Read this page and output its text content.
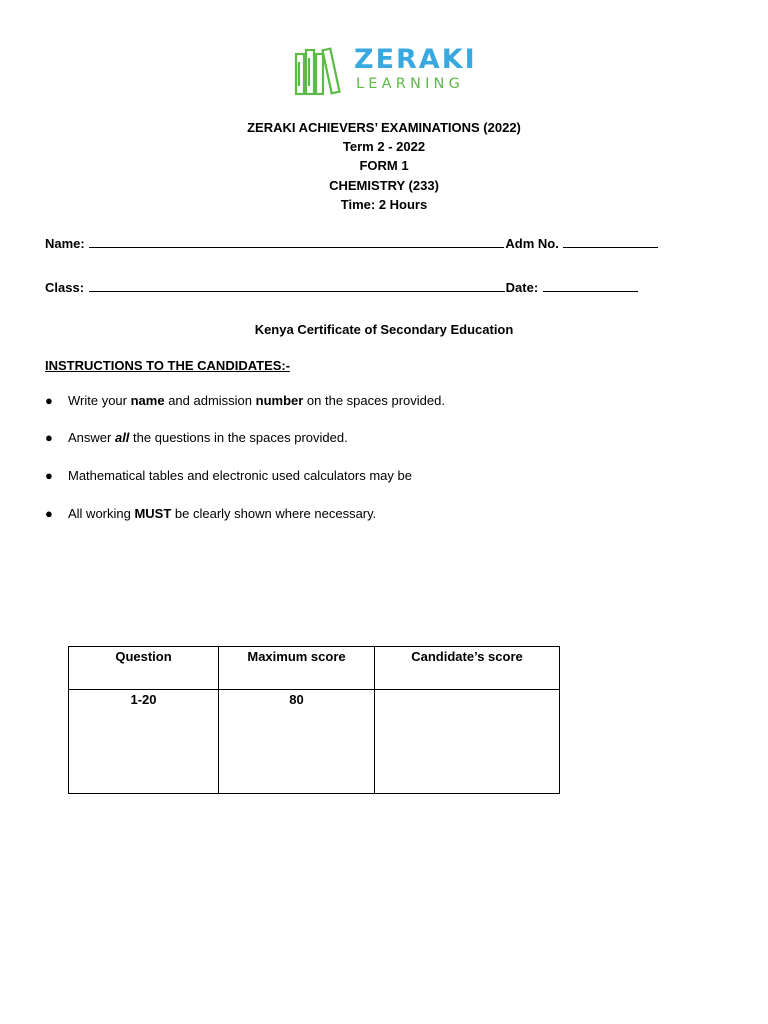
ZERAKI
LEARNING
ZERAKI ACHIEVERS’ EXAMINATIONS (2022)
Term 2 - 2022
FORM 1
CHEMISTRY (233)
Time: 2 Hours
Name:	Adm No.
Class:	Date:
Kenya Certificate of Secondary Education
INSTRUCTIONS TO THE CANDIDATES:-
● Write your name and admission number on the spaces provided.
● Answer all the questions in the spaces provided.
● Mathematical tables and electronic used calculators may be
● All working MUST be clearly shown where necessary.
Question	Maximum score	Candidate’s score
1-20	80	
